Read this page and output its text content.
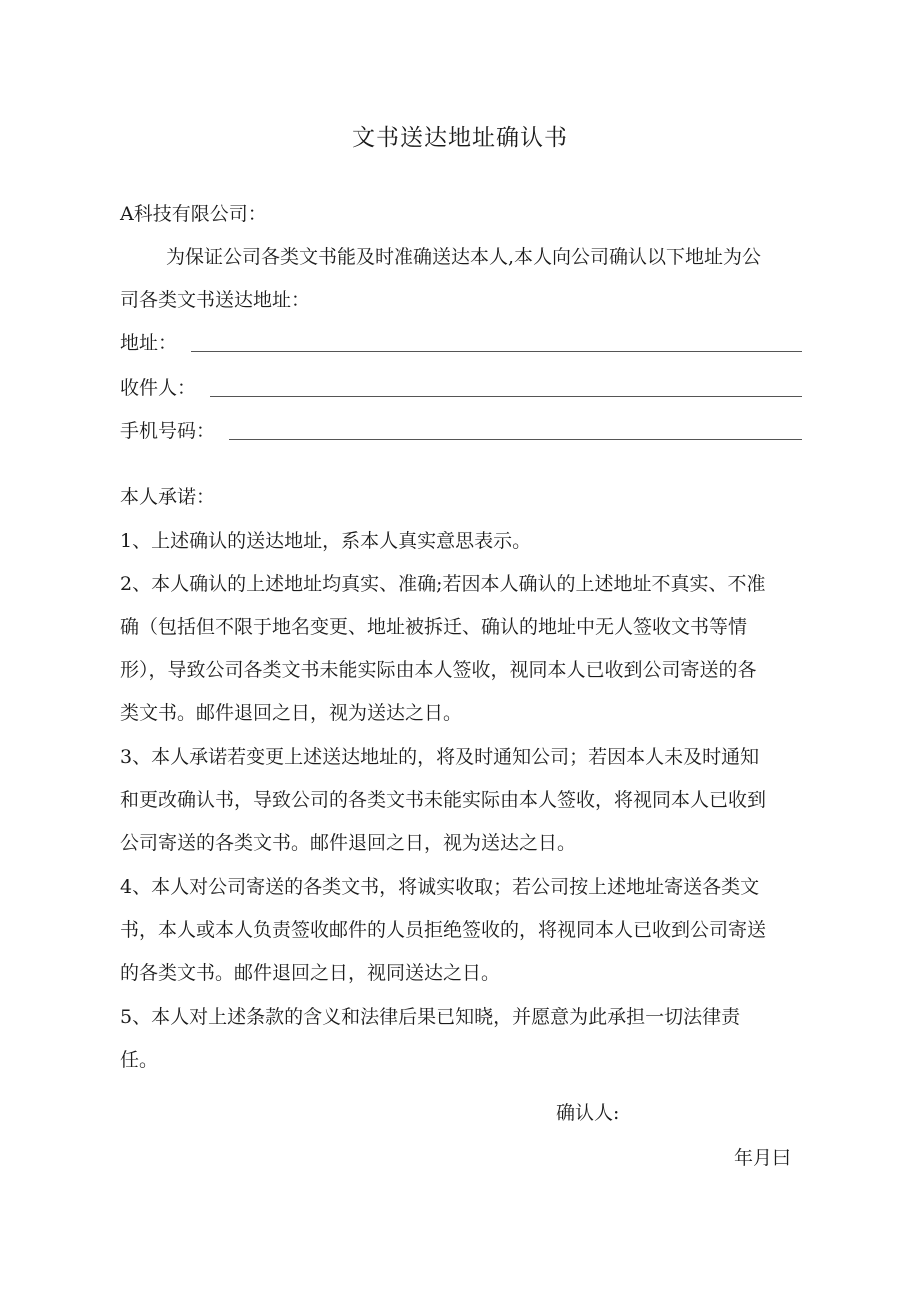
文书送达地址确认书
A科技有限公司：
为保证公司各类文书能及时准确送达本人,本人向公司确认以下地址为公
司各类文书送达地址：
地址：
收件人：
手机号码：
本人承诺：
1、上述确认的送达地址，系本人真实意思表示。
2、本人确认的上述地址均真实、准确;若因本人确认的上述地址不真实、不准
确（包括但不限于地名变更、地址被拆迁、确认的地址中无人签收文书等情
形），导致公司各类文书未能实际由本人签收，视同本人已收到公司寄送的各
类文书。邮件退回之日，视为送达之日。
3、本人承诺若变更上述送达地址的，将及时通知公司；若因本人未及时通知
和更改确认书，导致公司的各类文书未能实际由本人签收，将视同本人已收到
公司寄送的各类文书。邮件退回之日，视为送达之日。
4、本人对公司寄送的各类文书，将诚实收取；若公司按上述地址寄送各类文
书，本人或本人负责签收邮件的人员拒绝签收的，将视同本人已收到公司寄送
的各类文书。邮件退回之日，视同送达之日。
5、本人对上述条款的含义和法律后果已知晓，并愿意为此承担一切法律责
任。
确认人:
年月曰
